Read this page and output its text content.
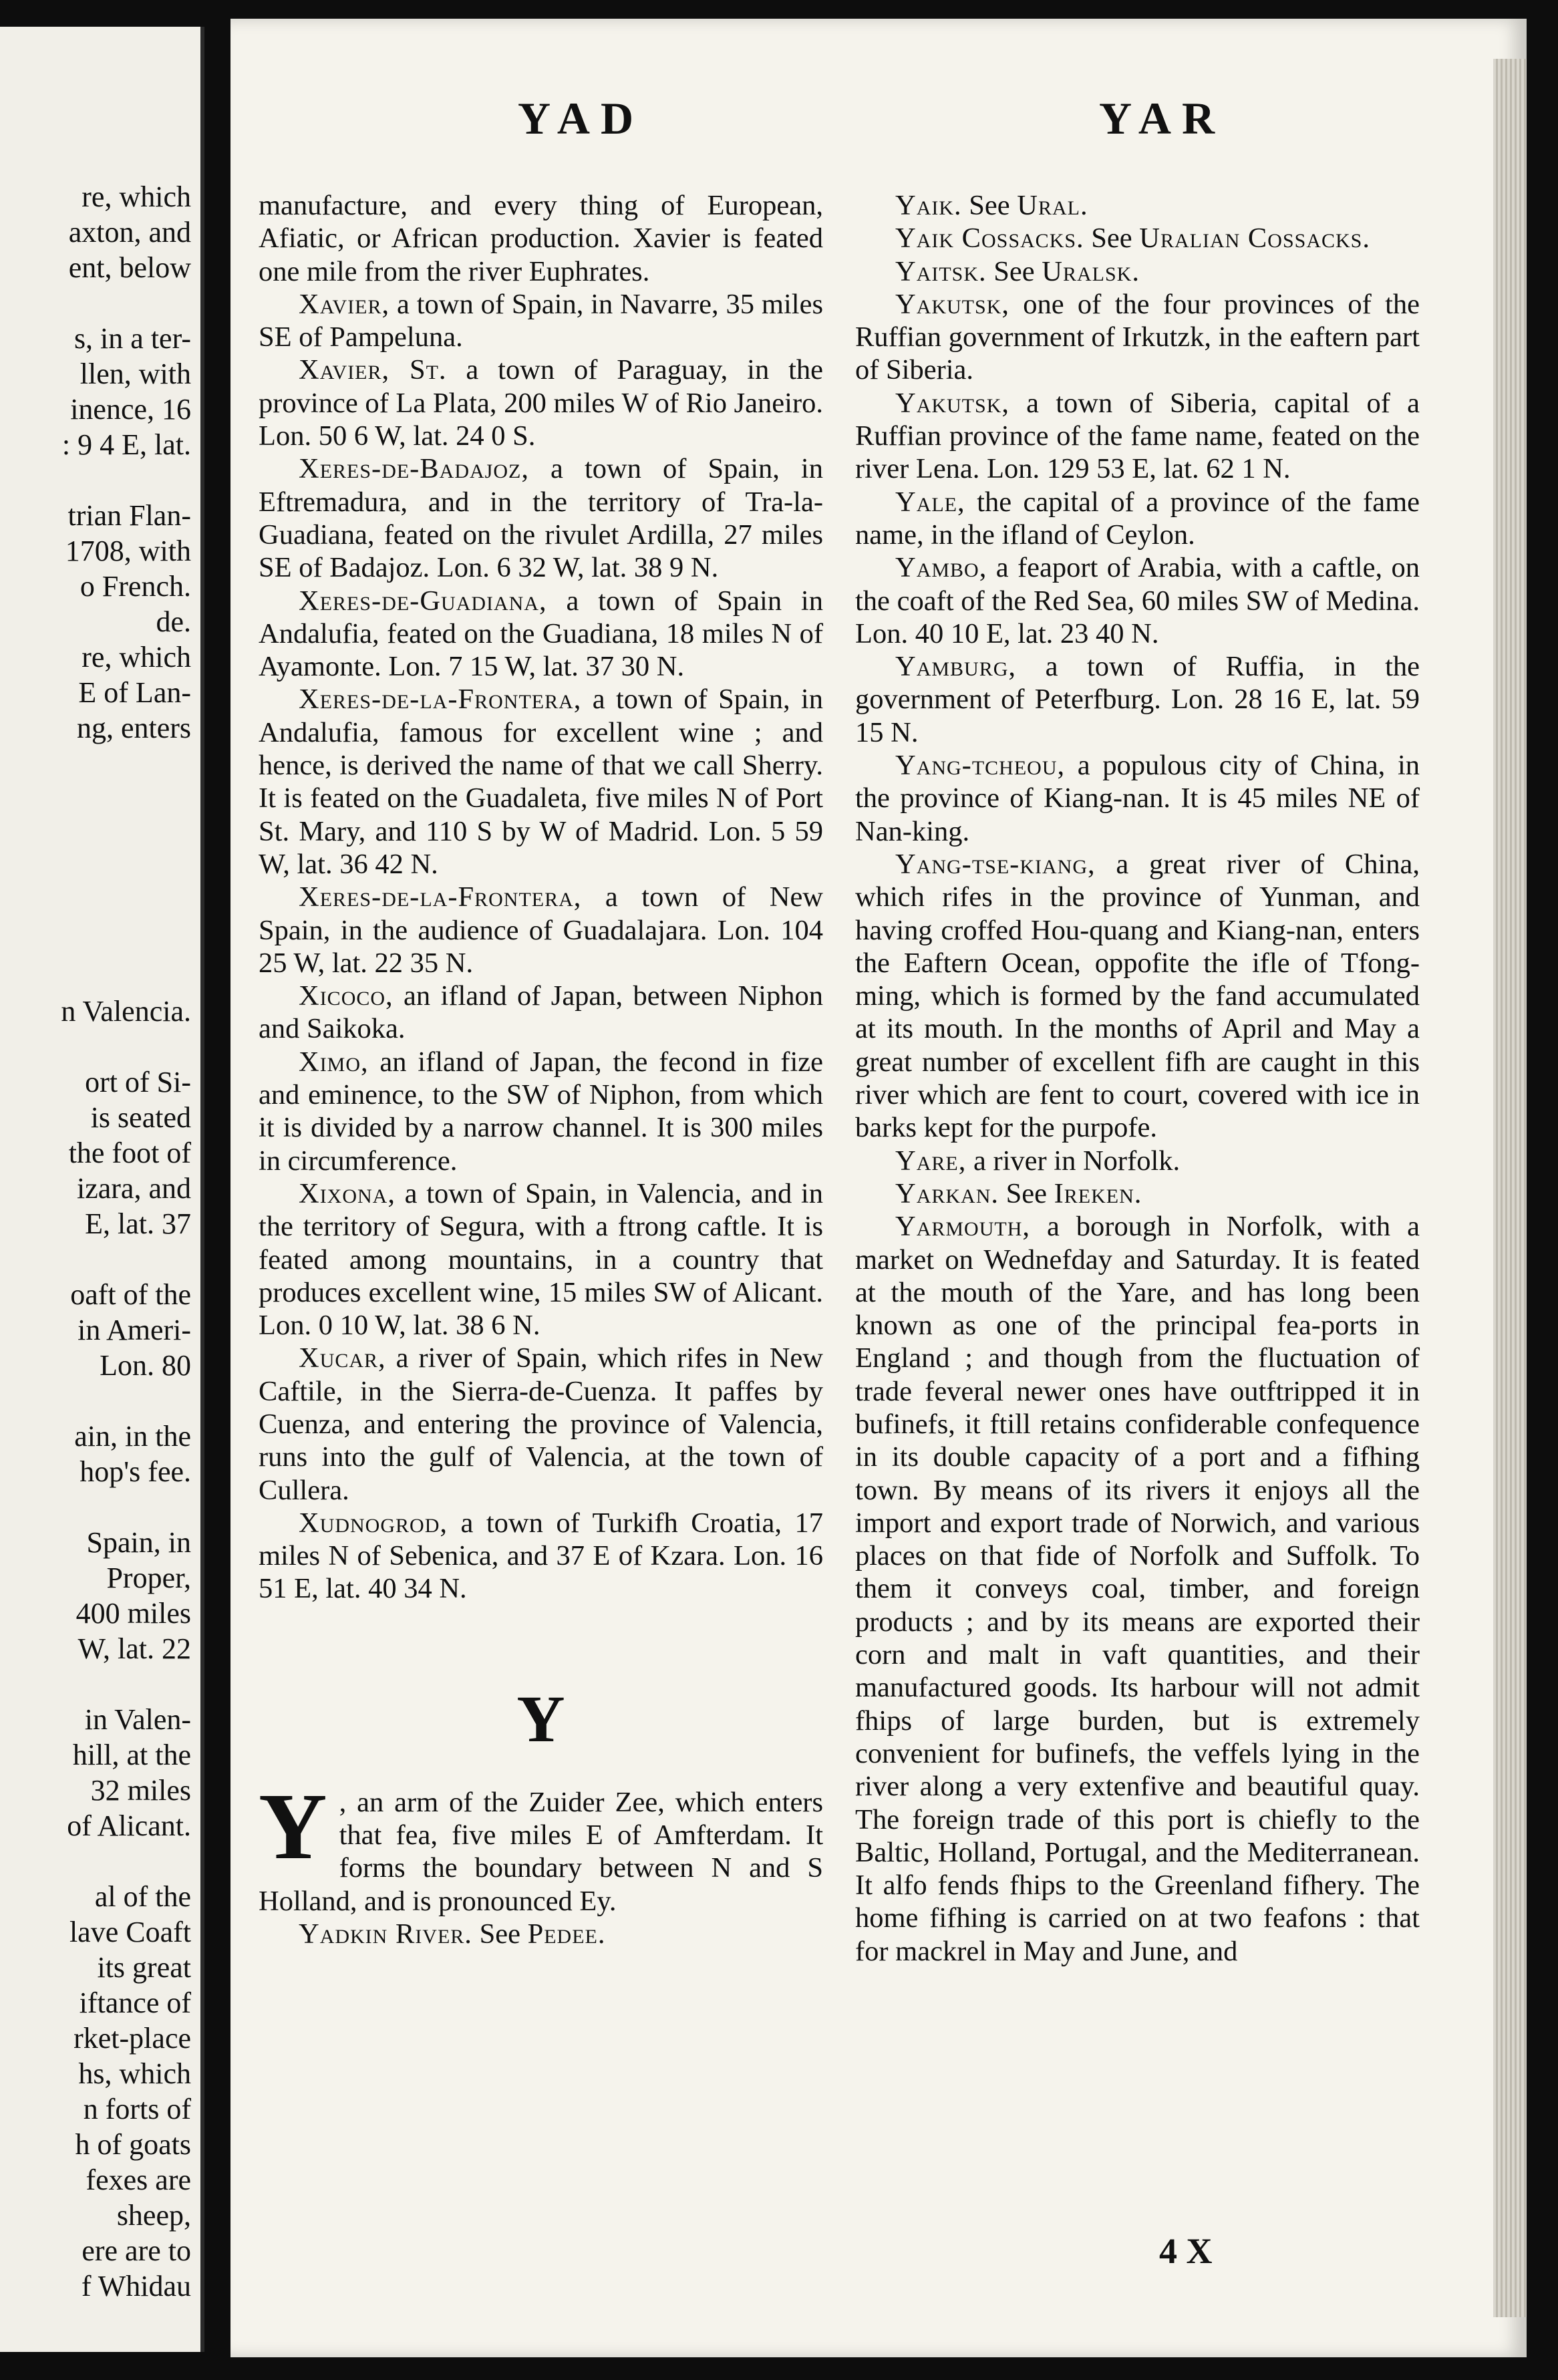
re, which
axton, and
ent, below
s, in a ter-
llen, with
inence, 16
: 9 4 E, lat.
trian Flan-
1708, with
o French.
de.
re, which
E of Lan-
ng, enters
n Valencia.
ort of Si-
is seated
the foot of
izara, and
E, lat. 37
oaft of the
in Ameri-
Lon. 80
ain, in the
hop's fee.
Spain, in
Proper,
400 miles
W, lat. 22
in Valen-
hill, at the
32 miles
of Alicant.
al of the
lave Coaft
its great
iftance of
rket-place
hs, which
n forts of
h of goats
fexes are
sheep,
ere are to
f Whidau
YAD	YAR

manufacture, and every thing of European, Afiatic, or African production. Xavier is feated one mile from the river Euphrates.

Xavier, a town of Spain, in Navarre, 35 miles SE of Pampeluna.

Xavier, St. a town of Paraguay, in the province of La Plata, 200 miles W of Rio Janeiro. Lon. 50 6 W, lat. 24 0 S.

Xeres-de-Badajoz, a town of Spain, in Eftremadura, and in the territory of Tra-la-Guadiana, feated on the rivulet Ardilla, 27 miles SE of Badajoz. Lon. 6 32 W, lat. 38 9 N.

Xeres-de-Guadiana, a town of Spain in Andalufia, feated on the Guadiana, 18 miles N of Ayamonte. Lon. 7 15 W, lat. 37 30 N.

Xeres-de-la-Frontera, a town of Spain, in Andalufia, famous for excellent wine ; and hence, is derived the name of that we call Sherry. It is feated on the Guadaleta, five miles N of Port St. Mary, and 110 S by W of Madrid. Lon. 5 59 W, lat. 36 42 N.

Xeres-de-la-Frontera, a town of New Spain, in the audience of Guadalajara. Lon. 104 25 W, lat. 22 35 N.

Xicoco, an ifland of Japan, between Niphon and Saikoka.

Ximo, an ifland of Japan, the fecond in fize and eminence, to the SW of Niphon, from which it is divided by a narrow channel. It is 300 miles in circumference.

Xixona, a town of Spain, in Valencia, and in the territory of Segura, with a ftrong caftle. It is feated among mountains, in a country that produces excellent wine, 15 miles SW of Alicant. Lon. 0 10 W, lat. 38 6 N.

Xucar, a river of Spain, which rifes in New Caftile, in the Sierra-de-Cuenza. It paffes by Cuenza, and entering the province of Valencia, runs into the gulf of Valencia, at the town of Cullera.

Xudnogrod, a town of Turkifh Croatia, 17 miles N of Sebenica, and 37 E of Kzara. Lon. 16 51 E, lat. 40 34 N.

Y

Y , an arm of the Zuider Zee, which enters that fea, five miles E of Amfterdam. It forms the boundary between N and S Holland, and is pronounced Ey.

Yadkin River. See Pedee.

Yaik. See Ural.

Yaik Cossacks. See Uralian Cossacks.

Yaitsk. See Uralsk.

Yakutsk, one of the four provinces of the Ruffian government of Irkutzk, in the eaftern part of Siberia.

Yakutsk, a town of Siberia, capital of a Ruffian province of the fame name, feated on the river Lena. Lon. 129 53 E, lat. 62 1 N.

Yale, the capital of a province of the fame name, in the ifland of Ceylon.

Yambo, a feaport of Arabia, with a caftle, on the coaft of the Red Sea, 60 miles SW of Medina. Lon. 40 10 E, lat. 23 40 N.

Yamburg, a town of Ruffia, in the government of Peterfburg. Lon. 28 16 E, lat. 59 15 N.

Yang-tcheou, a populous city of China, in the province of Kiang-nan. It is 45 miles NE of Nan-king.

Yang-tse-kiang, a great river of China, which rifes in the province of Yunman, and having croffed Hou-quang and Kiang-nan, enters the Eaftern Ocean, oppofite the ifle of Tfong-ming, which is formed by the fand accumulated at its mouth. In the months of April and May a great number of excellent fifh are caught in this river which are fent to court, covered with ice in barks kept for the purpofe.

Yare, a river in Norfolk.

Yarkan. See Ireken.

Yarmouth, a borough in Norfolk, with a market on Wednefday and Saturday. It is feated at the mouth of the Yare, and has long been known as one of the principal fea-ports in England ; and though from the fluctuation of trade feveral newer ones have outftripped it in bufinefs, it ftill retains confiderable confequence in its double capacity of a port and a fifhing town. By means of its rivers it enjoys all the import and export trade of Norwich, and various places on that fide of Norfolk and Suffolk. To them it conveys coal, timber, and foreign products ; and by its means are exported their corn and malt in vaft quantities, and their manufactured goods. Its harbour will not admit fhips of large burden, but is extremely convenient for bufinefs, the veffels lying in the river along a very extenfive and beautiful quay. The foreign trade of this port is chiefly to the Baltic, Holland, Portugal, and the Mediterranean. It alfo fends fhips to the Greenland fifhery. The home fifhing is carried on at two feafons : that for mackrel in May and June, and

4 X
